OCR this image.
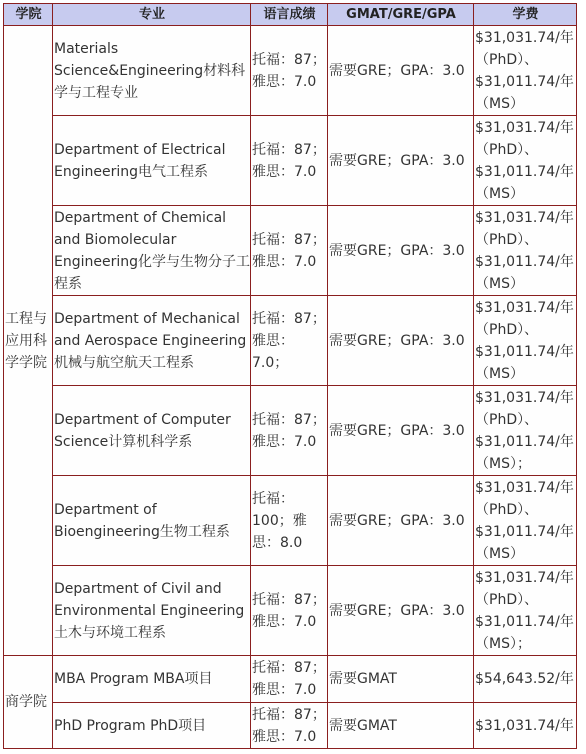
学院	专业	语言成绩	GMAT/GRE/GPA	学费
工程与应用科学学院	Materials Science&Engineering材料科学与工程专业	托福：87；雅思：7.0	需要GRE；GPA：3.0	$31,031.74/年（PhD）、$31,011.74/年（MS）
	Department of Electrical Engineering电气工程系	托福：87；雅思：7.0	需要GRE；GPA：3.0	$31,031.74/年（PhD）、$31,011.74/年（MS）
	Department of Chemical and Biomolecular Engineering化学与生物分子工程系	托福：87；雅思：7.0	需要GRE；GPA：3.0	$31,031.74/年（PhD）、$31,011.74/年（MS）
	Department of Mechanical and Aerospace Engineering机械与航空航天工程系	托福：87；雅思：7.0；	需要GRE；GPA：3.0	$31,031.74/年（PhD）、$31,011.74/年（MS）
	Department of Computer Science计算机科学系	托福：87；雅思：7.0	需要GRE；GPA：3.0	$31,031.74/年（PhD）、$31,011.74/年（MS）；
	Department of Bioengineering生物工程系	托福：100；雅思：8.0	需要GRE；GPA：3.0	$31,031.74/年（PhD）、$31,011.74/年（MS）
	Department of Civil and Environmental Engineering土木与环境工程系	托福：87；雅思：7.0	需要GRE；GPA：3.0	$31,031.74/年（PhD）、$31,011.74/年（MS）；
商学院	MBA Program MBA项目	托福：87；雅思：7.0	需要GMAT	$54,643.52/年
	PhD Program PhD项目	托福：87；雅思：7.0	需要GMAT	$31,031.74/年
